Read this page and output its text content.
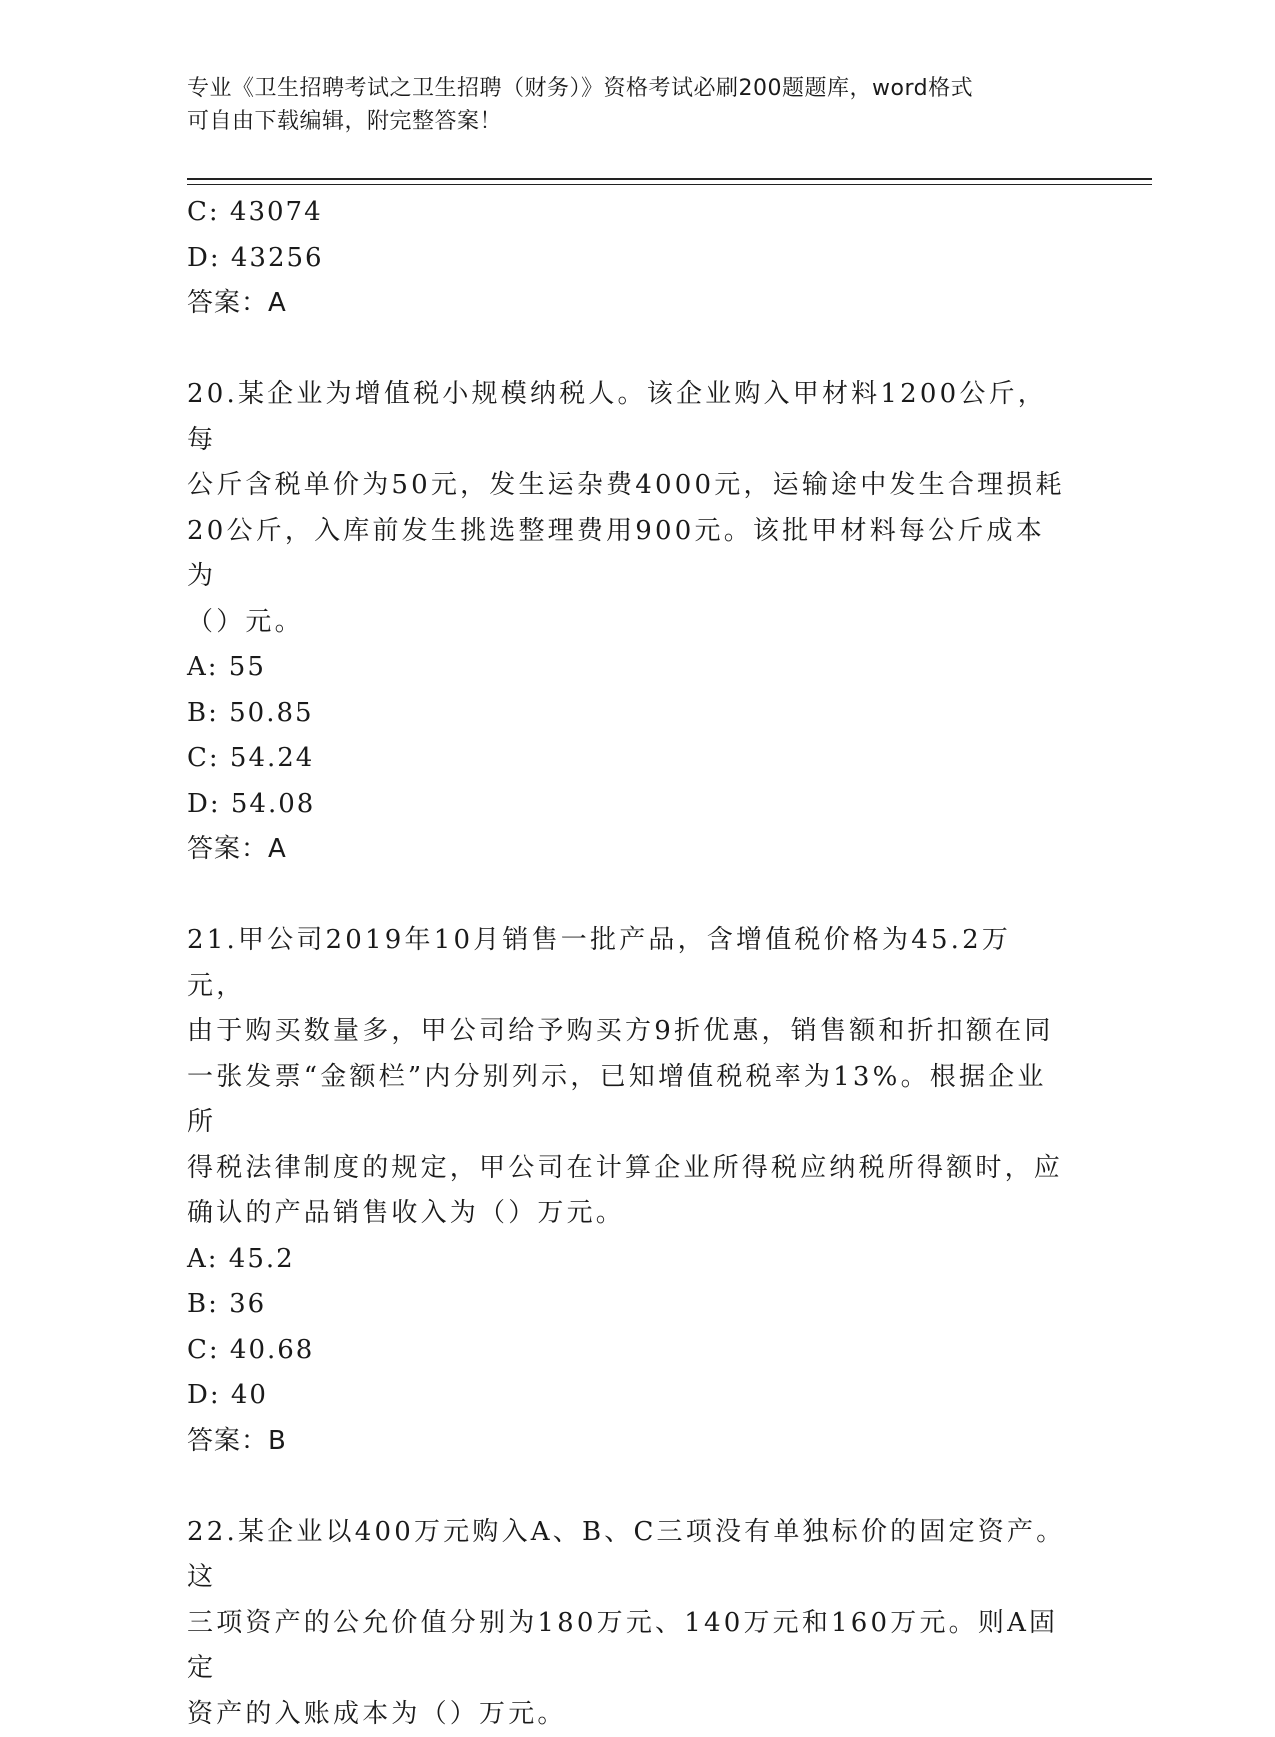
专业《卫生招聘考试之卫生招聘（财务）》资格考试必刷200题题库，word格式
可自由下载编辑，附完整答案！
C: 43074
D: 43256
答案：A
20.某企业为增值税小规模纳税人。该企业购入甲材料1200公斤，每
公斤含税单价为50元，发生运杂费4000元，运输途中发生合理损耗
20公斤，入库前发生挑选整理费用900元。该批甲材料每公斤成本为
（）元。
A: 55
B: 50.85
C: 54.24
D: 54.08
答案：A
21.甲公司2019年10月销售一批产品，含增值税价格为45.2万元，
由于购买数量多，甲公司给予购买方9折优惠，销售额和折扣额在同
一张发票“金额栏”内分别列示，已知增值税税率为13%。根据企业所
得税法律制度的规定，甲公司在计算企业所得税应纳税所得额时，应
确认的产品销售收入为（）万元。
A: 45.2
B: 36
C: 40.68
D: 40
答案：B
22.某企业以400万元购入A、B、C三项没有单独标价的固定资产。这
三项资产的公允价值分别为180万元、140万元和160万元。则A固定
资产的入账成本为（）万元。
